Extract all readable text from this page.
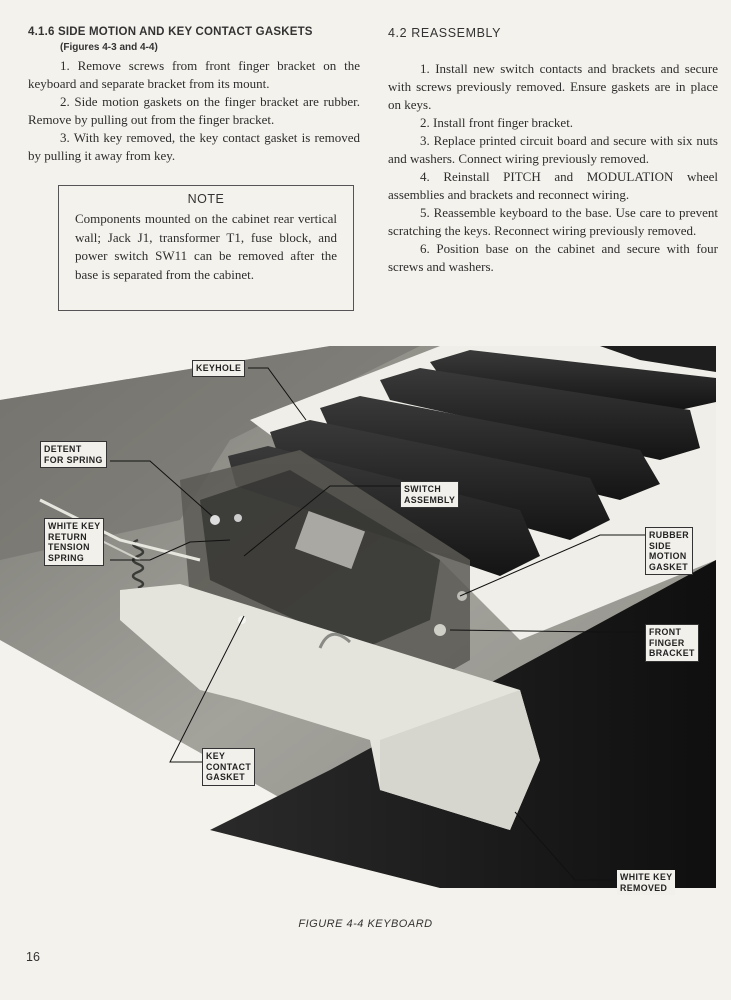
4.1.6 SIDE MOTION AND KEY CONTACT GASKETS
(Figures 4-3 and 4-4)

1. Remove screws from front finger bracket on the keyboard and separate bracket from its mount.

2. Side motion gaskets on the finger bracket are rubber. Remove by pulling out from the finger bracket.

3. With key removed, the key contact gasket is removed by pulling it away from key.

NOTE

Components mounted on the cabinet rear vertical wall; Jack J1, transformer T1, fuse block, and power switch SW11 can be removed after the base is separated from the cabinet.

4.2 REASSEMBLY

1. Install new switch contacts and brackets and secure with screws previously removed. Ensure gaskets are in place on keys.

2. Install front finger bracket.

3. Replace printed circuit board and secure with six nuts and washers. Connect wiring previously removed.

4. Reinstall PITCH and MODULATION wheel assemblies and brackets and reconnect wiring.

5. Reassemble keyboard to the base. Use care to prevent scratching the keys. Reconnect wiring previously removed.

6. Position base on the cabinet and secure with four screws and washers.

KEYHOLE
DETENT
FOR SPRING
WHITE KEY
RETURN
TENSION
SPRING
SWITCH
ASSEMBLY
RUBBER
SIDE
MOTION
GASKET
FRONT
FINGER
BRACKET
KEY
CONTACT
GASKET
WHITE KEY
REMOVED
FIGURE 4-4 KEYBOARD
16
